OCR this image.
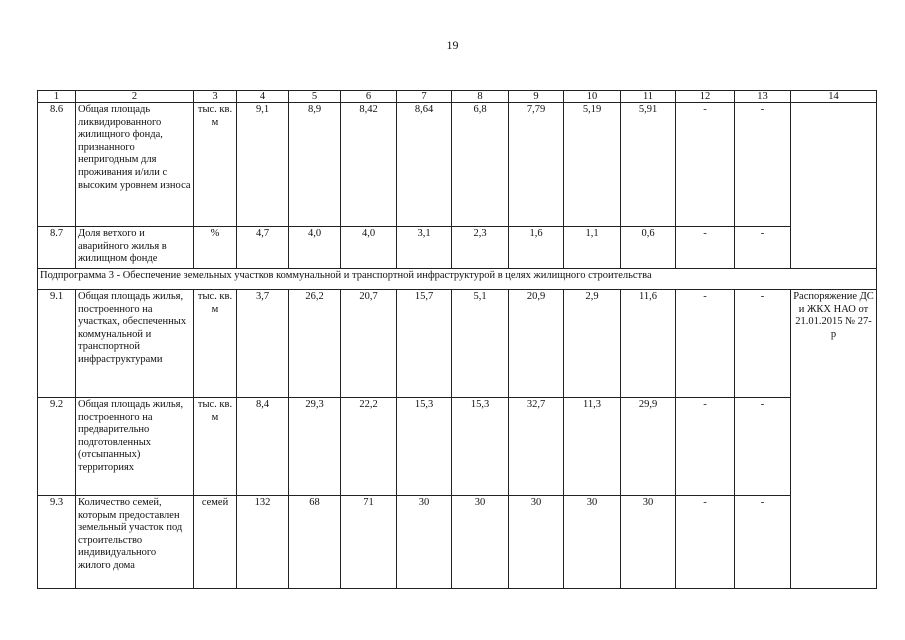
19
1	2	3	4	5	6	7	8	9	10	11	12	13	14
8.6	Общая площадь ликвидированного жилищного фонда, признанного непригодным для проживания и/или с высоким уровнем износа	тыс. кв. м	9,1	8,9	8,42	8,64	6,8	7,79	5,19	5,91	-	-	
8.7	Доля ветхого и аварийного жилья в жилищном фонде	%	4,7	4,0	4,0	3,1	2,3	1,6	1,1	0,6	-	-	
Подпрограмма 3 - Обеспечение земельных участков коммунальной и транспортной инфраструктурой в целях жилищного строительства													
9.1	Общая площадь жилья, построенного на участках, обеспеченных коммунальной и транспортной инфраструктурами	тыс. кв. м	3,7	26,2	20,7	15,7	5,1	20,9	2,9	11,6	-	-	Распоряжение ДС и ЖКХ НАО от 21.01.2015 № 27-р
9.2	Общая площадь жилья, построенного на предварительно подготовленных (отсыпанных) территориях	тыс. кв. м	8,4	29,3	22,2	15,3	15,3	32,7	11,3	29,9	-	-	
9.3	Количество семей, которым предоставлен земельный участок под строительство индивидуального жилого дома	семей	132	68	71	30	30	30	30	30	-	-	
